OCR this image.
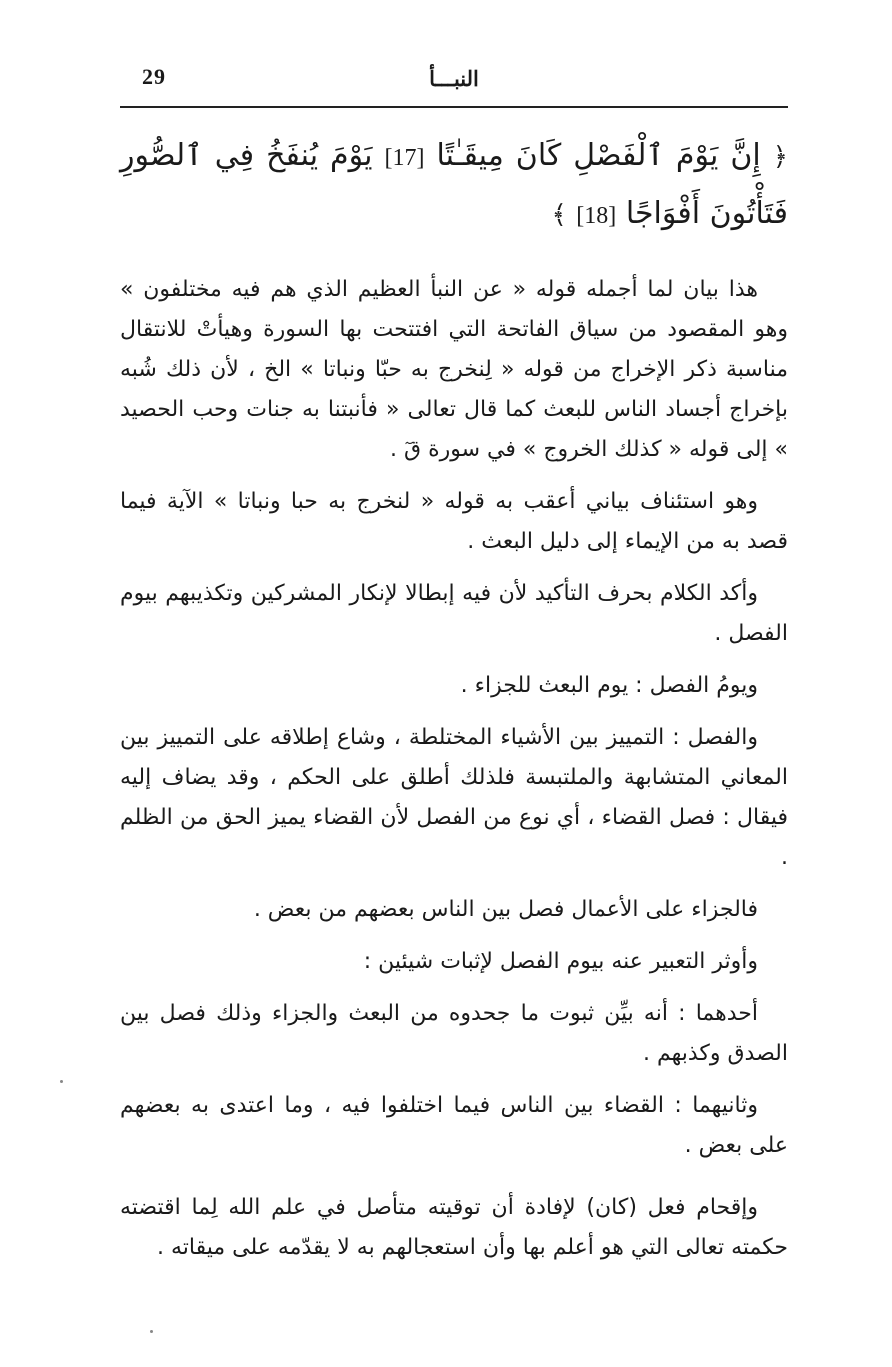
29	النبـــأ
﴿ إِنَّ يَوْمَ ٱلْفَصْلِ كَانَ مِيقَـٰتًا [17] يَوْمَ يُنفَخُ فِي ٱلصُّورِ فَتَأْتُونَ أَفْوَاجًا [18] ﴾

هذا بيان لما أجمله قوله « عن النبأ العظيم الذي هم فيه مختلفون » وهو المقصود من سياق الفاتحة التي افتتحت بها السورة وهيأتْ للانتقال مناسبة ذكر الإخراج من قوله « لِنخرج به حبّا ونباتا » الخ ، لأن ذلك شُبه بإخراج أجساد الناس للبعث كما قال تعالى « فأنبتنا به جنات وحب الحصيد » إلى قوله « كذلك الخروج » في سورة قٓ .

وهو استئناف بياني أعقب به قوله « لنخرج به حبا ونباتا » الآية فيما قصد به من الإيماء إلى دليل البعث .

وأكد الكلام بحرف التأكيد لأن فيه إبطالا لإنكار المشركين وتكذيبهم بيوم الفصل .

ويومُ الفصل : يوم البعث للجزاء .

والفصل : التمييز بين الأشياء المختلطة ، وشاع إطلاقه على التمييز بين المعاني المتشابهة والملتبسة فلذلك أطلق على الحكم ، وقد يضاف إليه فيقال : فصل القضاء ، أي نوع من الفصل لأن القضاء يميز الحق من الظلم .

فالجزاء على الأعمال فصل بين الناس بعضهم من بعض .

وأوثر التعبير عنه بيوم الفصل لإثبات شيئين :

أحدهما : أنه بيِّن ثبوت ما جحدوه من البعث والجزاء وذلك فصل بين الصدق وكذبهم .

وثانيهما : القضاء بين الناس فيما اختلفوا فيه ، وما اعتدى به بعضهم على بعض .

وإقحام فعل (كان) لإفادة أن توقيته متأصل في علم الله لِما اقتضته حكمته تعالى التي هو أعلم بها وأن استعجالهم به لا يقدّمه على ميقاته .
